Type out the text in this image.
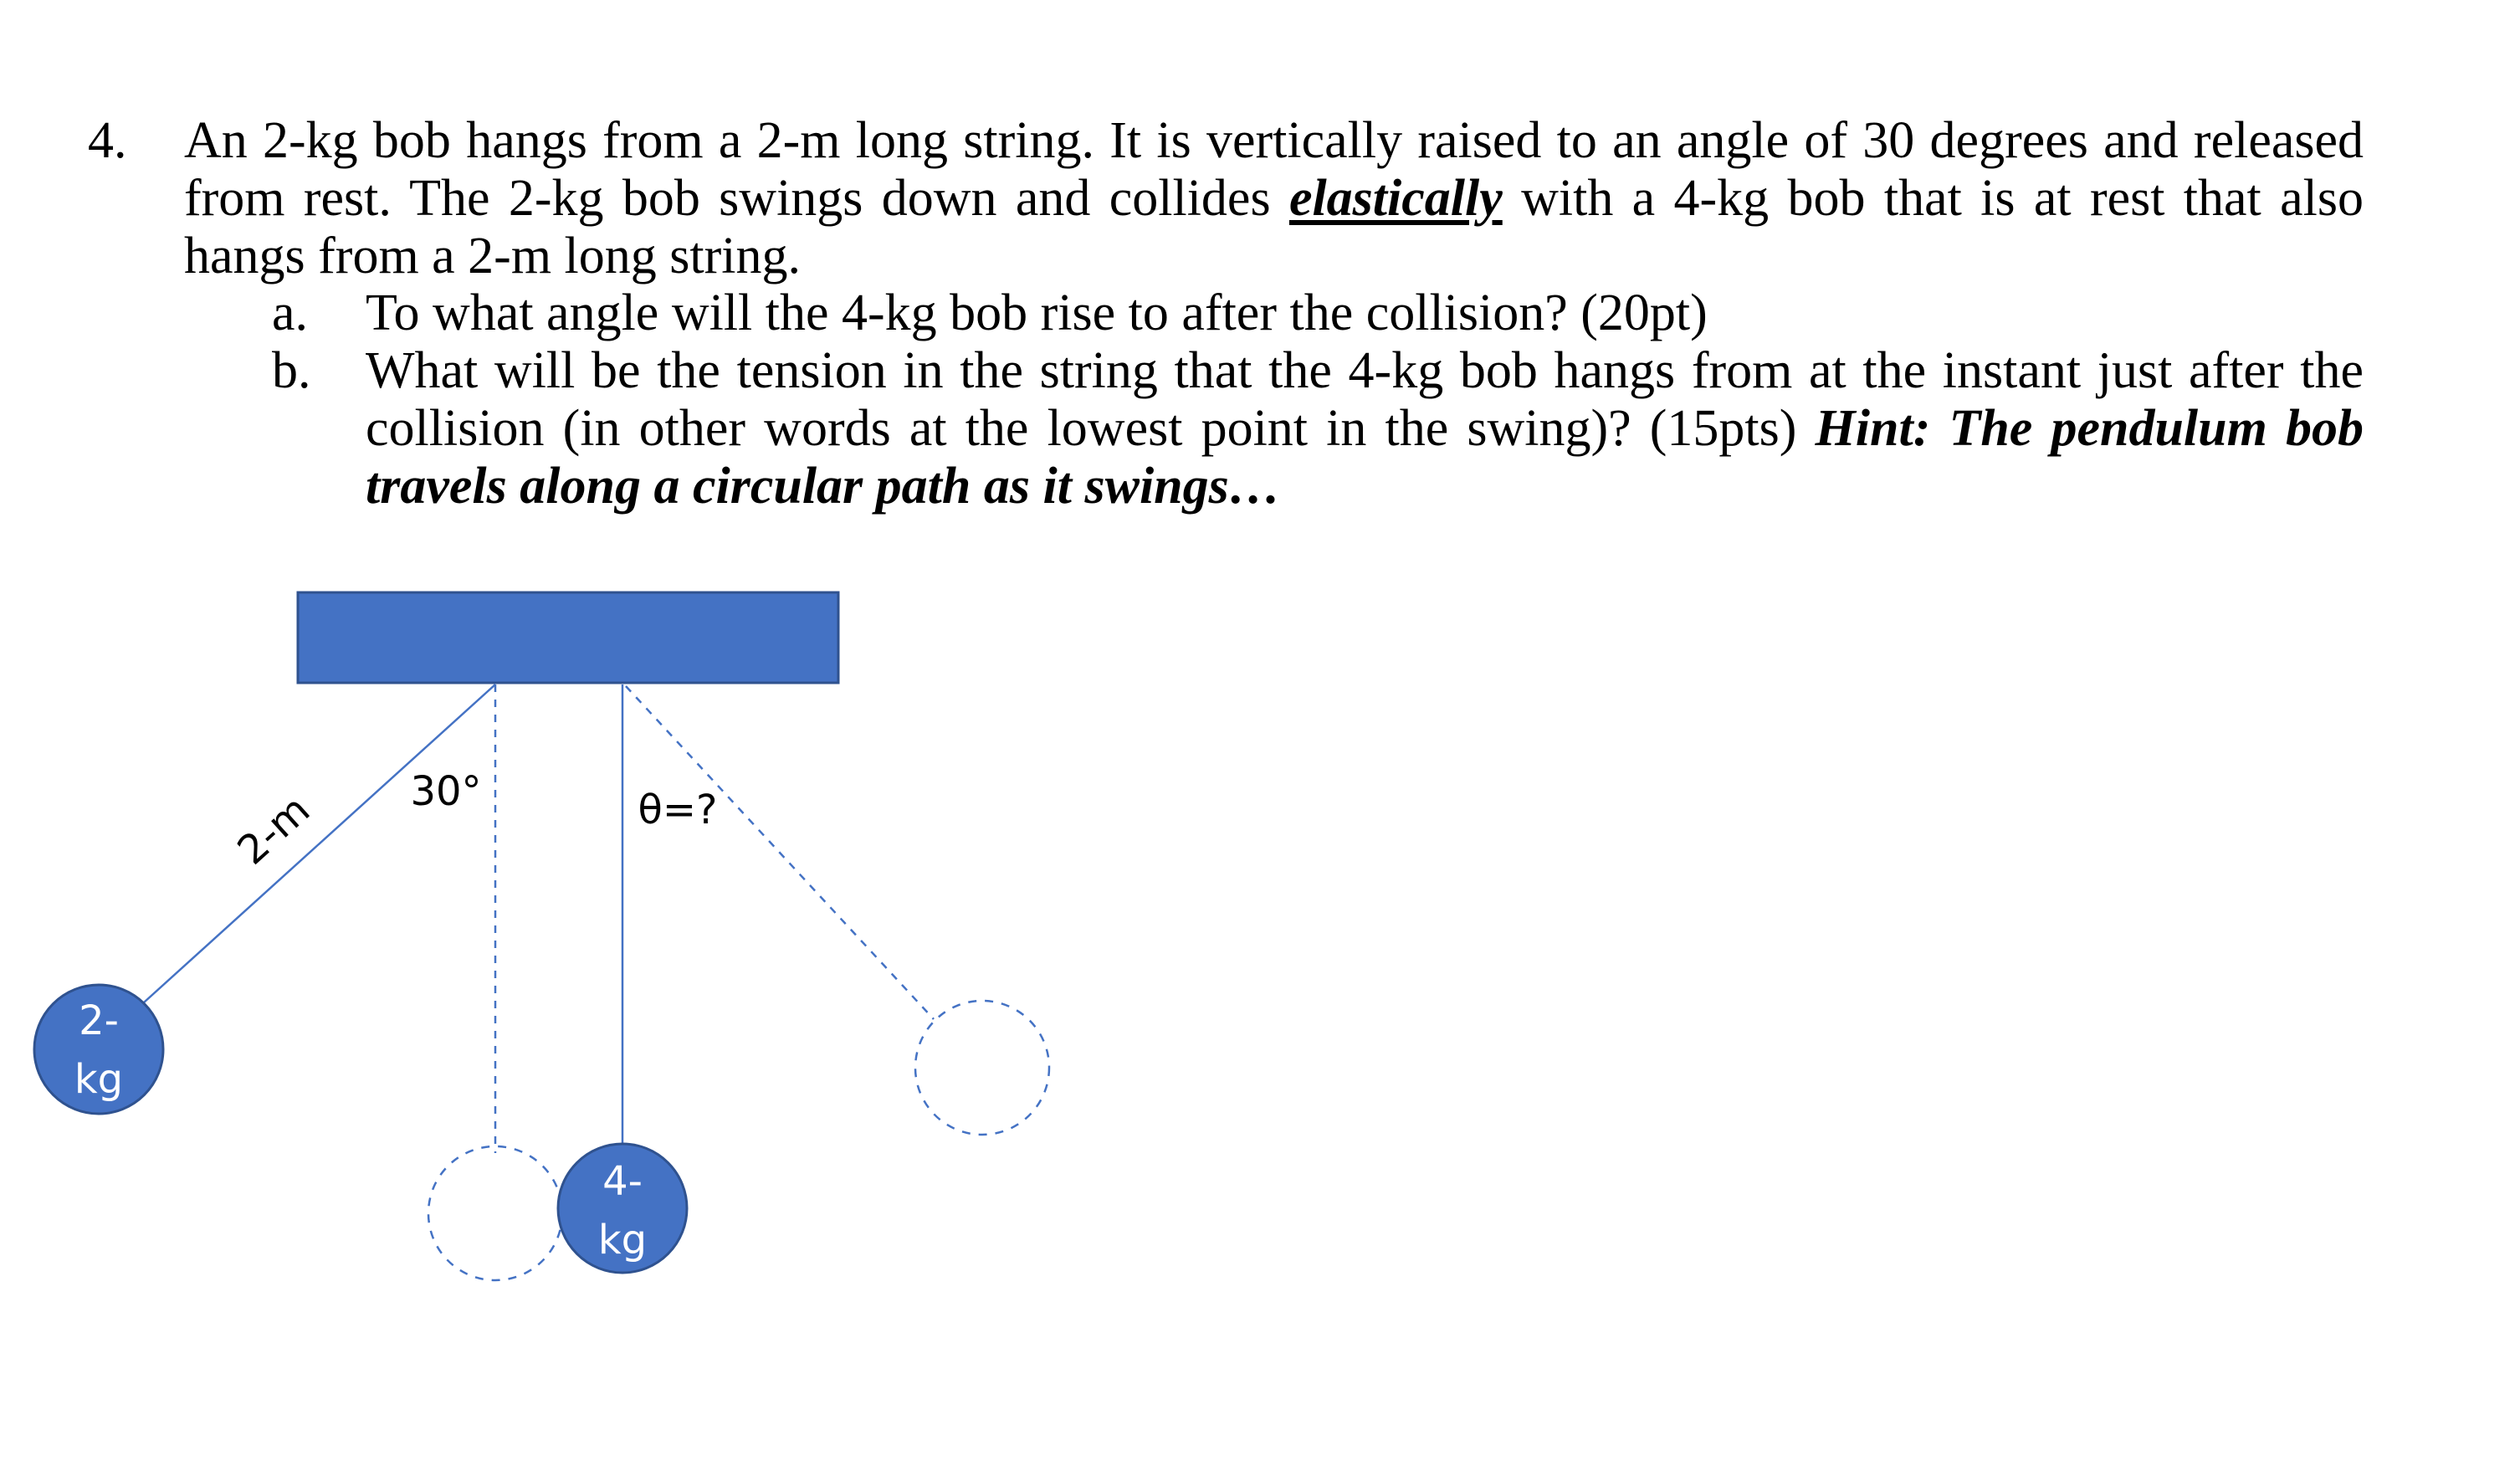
4. An 2-kg bob hangs from a 2-m long string. It is vertically raised to an angle of 30 degrees and released from rest. The 2-kg bob swings down and collides elastically with a 4-kg bob that is at rest that also hangs from a 2-m long string.
a. To what angle will the 4-kg bob rise to after the collision? (20pt)
b. What will be the tension in the string that the 4-kg bob hangs from at the instant just after the collision (in other words at the lowest point in the swing)? (15pts) Hint: The pendulum bob travels along a circular path as it swings…
2-
kg
4-
kg
2-m 30°	θ=?
